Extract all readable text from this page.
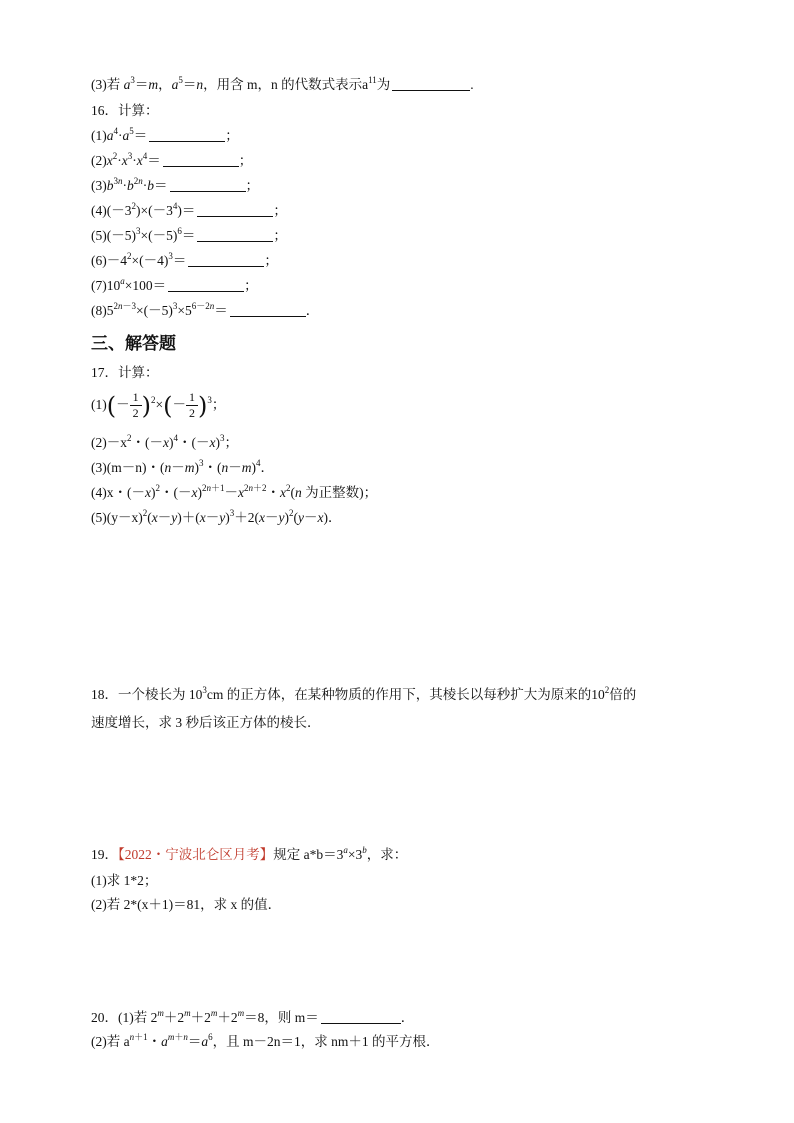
(3)若 $a^3=m$，$a^5=n$，用含 m，n 的代数式表示$a^{11}$为	.
16．计算：
$(1)a^4\cdot a^5=$	；
$(2)x^2\cdot x^3\cdot x^4=$	；
$(3)b^{3n}\cdot b^{2n}\cdot b=$	；
$(4)(-3^2)\times(-3^4)=$	；
$(5)(-5)^3\times(-5)^6=$	；
$(6)-4^2\times(-4)^3=$	；
$(7)10^a\times 100=$	；
$(8)5^{2n-3}\times(-5)^3\times 5^{6-2n}=$	．
三、解答题
17．计算：
$(1)(- \frac{1}{2} )^2\times(- \frac{1}{2} )^3$；
$(2)-x^2$・$(-x)^4$・$(-x)^3$；
(3)(m－n)・$(n-m)^3$・$(n-m)^4$．
(4)x・$(-x)^2$・$(-x)^{2n+1}-x^{2n+2}$・$x^2(n$ 为正整数)；
$(5)(y-x)^2(x-y)+(x-y)^3+2(x-y)^2(y-x)$．
18．一个棱长为 $10^3cm$ 的正方体，在某种物质的作用下，其棱长以每秒扩大为原来的$10^2$倍的
速度增长，求 3 秒后该正方体的棱长．
19．【2022・宁波北仑区月考】规定 $a*b=3^a\times 3^b$，求：
(1)求 1*2；
(2)若 2*(x＋1)＝81，求 x 的值．
20．(1)若 $2^m+2^m+2^m+2^m=8$，则 m＝	．
(2)若 $a^{n+1}$・$a^{m+n}=a^6$，且 m－2n＝1，求 nm＋1 的平方根．
